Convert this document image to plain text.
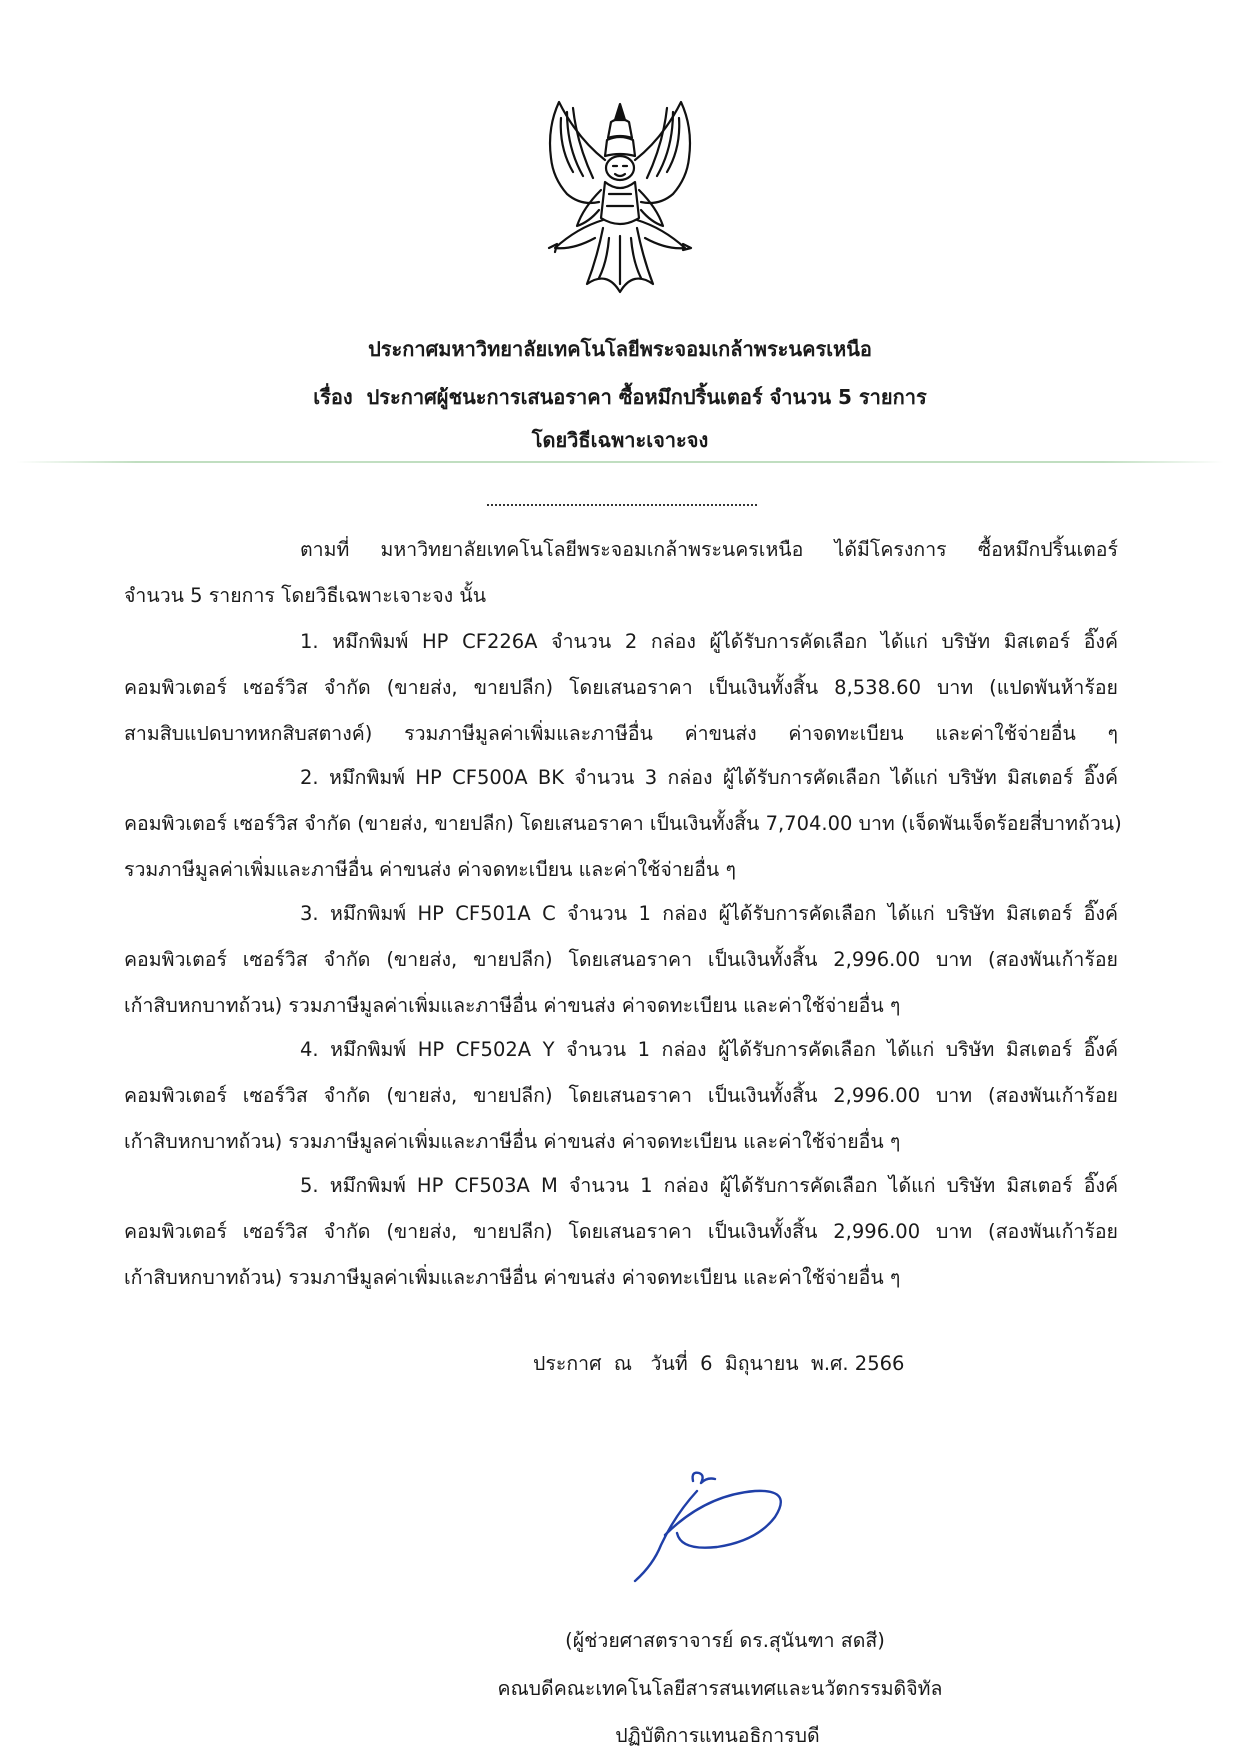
ประกาศมหาวิทยาลัยเทคโนโลยีพระจอมเกล้าพระนครเหนือ
เรื่อง ประกาศผู้ชนะการเสนอราคา ซื้อหมึกปริ้นเตอร์ จำนวน 5 รายการ
โดยวิธีเฉพาะเจาะจง
ตามที่ มหาวิทยาลัยเทคโนโลยีพระจอมเกล้าพระนครเหนือ ได้มีโครงการ ซื้อหมึกปริ้นเตอร์
จำนวน 5 รายการ โดยวิธีเฉพาะเจาะจง นั้น
1. หมึกพิมพ์ HP CF226A จำนวน 2 กล่อง ผู้ได้รับการคัดเลือก ได้แก่ บริษัท มิสเตอร์ อิ๊งค์
คอมพิวเตอร์ เซอร์วิส จำกัด (ขายส่ง, ขายปลีก) โดยเสนอราคา เป็นเงินทั้งสิ้น 8,538.60 บาท (แปดพันห้าร้อย
สามสิบแปดบาทหกสิบสตางค์) รวมภาษีมูลค่าเพิ่มและภาษีอื่น ค่าขนส่ง ค่าจดทะเบียน และค่าใช้จ่ายอื่น ๆ
2. หมึกพิมพ์ HP CF500A BK จำนวน 3 กล่อง ผู้ได้รับการคัดเลือก ได้แก่ บริษัท มิสเตอร์ อิ๊งค์
คอมพิวเตอร์ เซอร์วิส จำกัด (ขายส่ง, ขายปลีก) โดยเสนอราคา เป็นเงินทั้งสิ้น 7,704.00 บาท (เจ็ดพันเจ็ดร้อยสี่บาทถ้วน)
รวมภาษีมูลค่าเพิ่มและภาษีอื่น ค่าขนส่ง ค่าจดทะเบียน และค่าใช้จ่ายอื่น ๆ
3. หมึกพิมพ์ HP CF501A C จำนวน 1 กล่อง ผู้ได้รับการคัดเลือก ได้แก่ บริษัท มิสเตอร์ อิ๊งค์
คอมพิวเตอร์ เซอร์วิส จำกัด (ขายส่ง, ขายปลีก) โดยเสนอราคา เป็นเงินทั้งสิ้น 2,996.00 บาท (สองพันเก้าร้อย
เก้าสิบหกบาทถ้วน) รวมภาษีมูลค่าเพิ่มและภาษีอื่น ค่าขนส่ง ค่าจดทะเบียน และค่าใช้จ่ายอื่น ๆ
4. หมึกพิมพ์ HP CF502A Y จำนวน 1 กล่อง ผู้ได้รับการคัดเลือก ได้แก่ บริษัท มิสเตอร์ อิ๊งค์
คอมพิวเตอร์ เซอร์วิส จำกัด (ขายส่ง, ขายปลีก) โดยเสนอราคา เป็นเงินทั้งสิ้น 2,996.00 บาท (สองพันเก้าร้อย
เก้าสิบหกบาทถ้วน) รวมภาษีมูลค่าเพิ่มและภาษีอื่น ค่าขนส่ง ค่าจดทะเบียน และค่าใช้จ่ายอื่น ๆ
5. หมึกพิมพ์ HP CF503A M จำนวน 1 กล่อง ผู้ได้รับการคัดเลือก ได้แก่ บริษัท มิสเตอร์ อิ๊งค์
คอมพิวเตอร์ เซอร์วิส จำกัด (ขายส่ง, ขายปลีก) โดยเสนอราคา เป็นเงินทั้งสิ้น 2,996.00 บาท (สองพันเก้าร้อย
เก้าสิบหกบาทถ้วน) รวมภาษีมูลค่าเพิ่มและภาษีอื่น ค่าขนส่ง ค่าจดทะเบียน และค่าใช้จ่ายอื่น ๆ
ประกาศ  ณ   วันที่  6  มิถุนายน  พ.ศ. 2566
(ผู้ช่วยศาสตราจารย์ ดร.สุนันฑา สดสี)
คณบดีคณะเทคโนโลยีสารสนเทศและนวัตกรรมดิจิทัล
ปฏิบัติการแทนอธิการบดี
